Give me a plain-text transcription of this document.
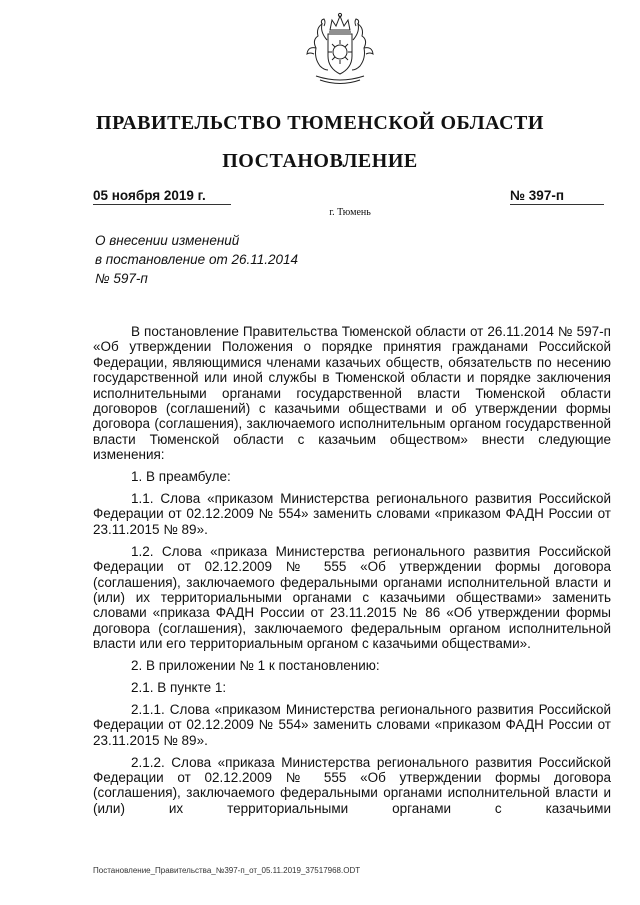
ПРАВИТЕЛЬСТВО ТЮМЕНСКОЙ ОБЛАСТИ
ПОСТАНОВЛЕНИЕ
05 ноября 2019 г.	№ 397-п
г. Тюмень
О внесении изменений
в постановление от 26.11.2014
№ 597-п

В постановление Правительства Тюменской области от 26.11.2014 № 597-п «Об утверждении Положения о порядке принятия гражданами Российской Федерации, являющимися членами казачьих обществ, обязательств по несению государственной или иной службы в Тюменской области и порядке заключения исполнительными органами государственной власти Тюменской области договоров (соглашений) с казачьими обществами и об утверждении формы договора (соглашения), заключаемого исполнительным органом государственной власти Тюменской области с казачьим обществом» внести следующие изменения:

1. В преамбуле:

1.1. Слова «приказом Министерства регионального развития Российской Федерации от 02.12.2009 № 554» заменить словами «приказом ФАДН России от 23.11.2015 № 89».

1.2. Слова «приказа Министерства регионального развития Российской Федерации от 02.12.2009 № 555 «Об утверждении формы договора (соглашения), заключаемого федеральными органами исполнительной власти и (или) их территориальными органами с казачьими обществами» заменить словами «приказа ФАДН России от 23.11.2015 № 86 «Об утверждении формы договора (соглашения), заключаемого федеральным органом исполнительной власти или его территориальным органом с казачьими обществами».

2. В приложении № 1 к постановлению:

2.1. В пункте 1:

2.1.1. Слова «приказом Министерства регионального развития Российской Федерации от 02.12.2009 № 554» заменить словами «приказом ФАДН России от 23.11.2015 № 89».

2.1.2. Слова «приказа Министерства регионального развития Российской Федерации от 02.12.2009 № 555 «Об утверждении формы договора (соглашения), заключаемого федеральными органами исполнительной власти и (или) их территориальными органами с казачьими

Постановление_Правительства_№397-п_от_05.11.2019_37517968.ODT
